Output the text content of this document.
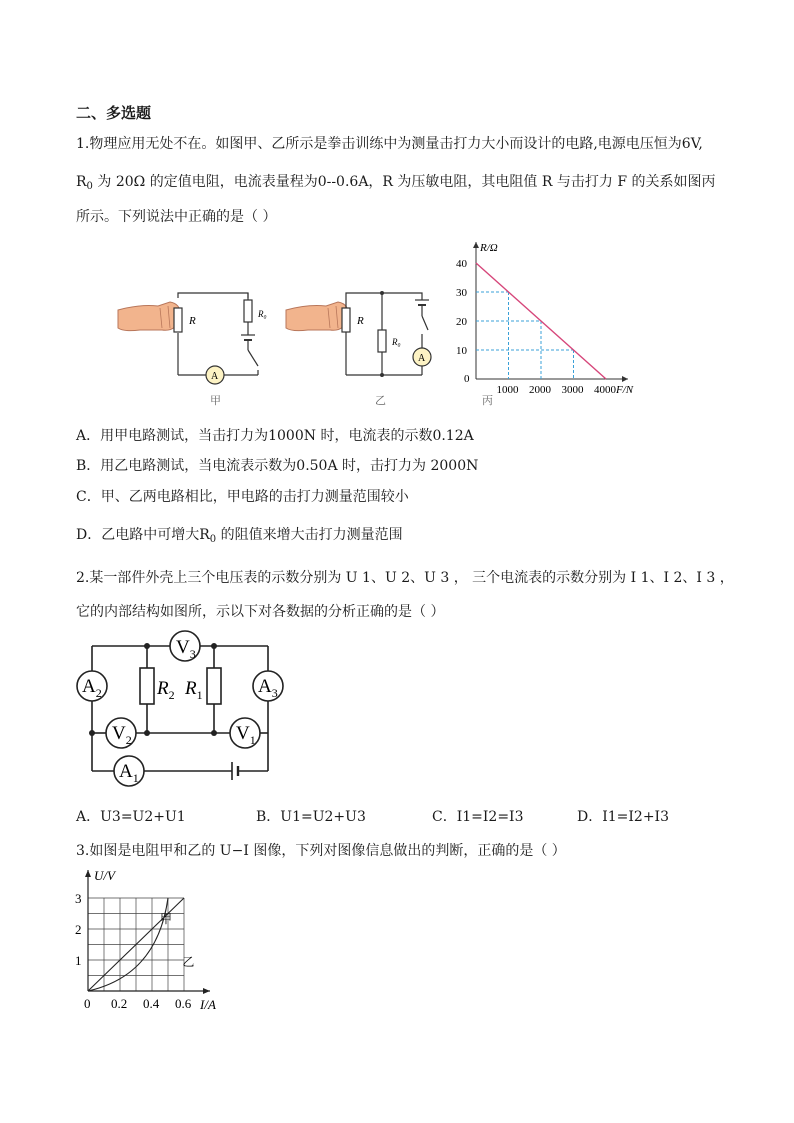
二、多选题
1.物理应用无处不在。如图甲、乙所示是拳击训练中为测量击打力大小而设计的电路,电源电压恒为6V,
$R_0$ 为 20Ω 的定值电阻，电流表量程为0--0.6A，R 为压敏电阻，其电阻值 R 与击打力 F 的关系如图丙
所示。下列说法中正确的是（ ）
R
R₀
A
甲
R
R₀
A
乙
1000 2000 3000 4000
10
20
30
40
0
R/Ω
F/N
丙
A．用甲电路测试，当击打力为1000N 时，电流表的示数0.12A
B．用乙电路测试，当电流表示数为0.50A 时，击打力为 2000N
C．甲、乙两电路相比，甲电路的击打力测量范围较小
D．乙电路中可增大$R_0$ 的阻值来增大击打力测量范围
2.某一部件外壳上三个电压表的示数分别为 U 1、U 2、U 3 ， 三个电流表的示数分别为 I 1、I 2、I 3 ，
它的内部结构如图所，示以下对各数据的分析正确的是（ ）
$V_3$
$A_2$	$A_3$
$V_2$	$V_1$
$A_1$
$R_2$ $R_1$
A．U3=U2+U1	B．U1=U2+U3	C．I1=I2=I3	D．I1=I2+I3
3.如图是电阻甲和乙的 U−I 图像，下列对图像信息做出的判断，正确的是（ ）
0.2 0.4 0.6
1
2
3
0
U/V
I/A
甲
乙
